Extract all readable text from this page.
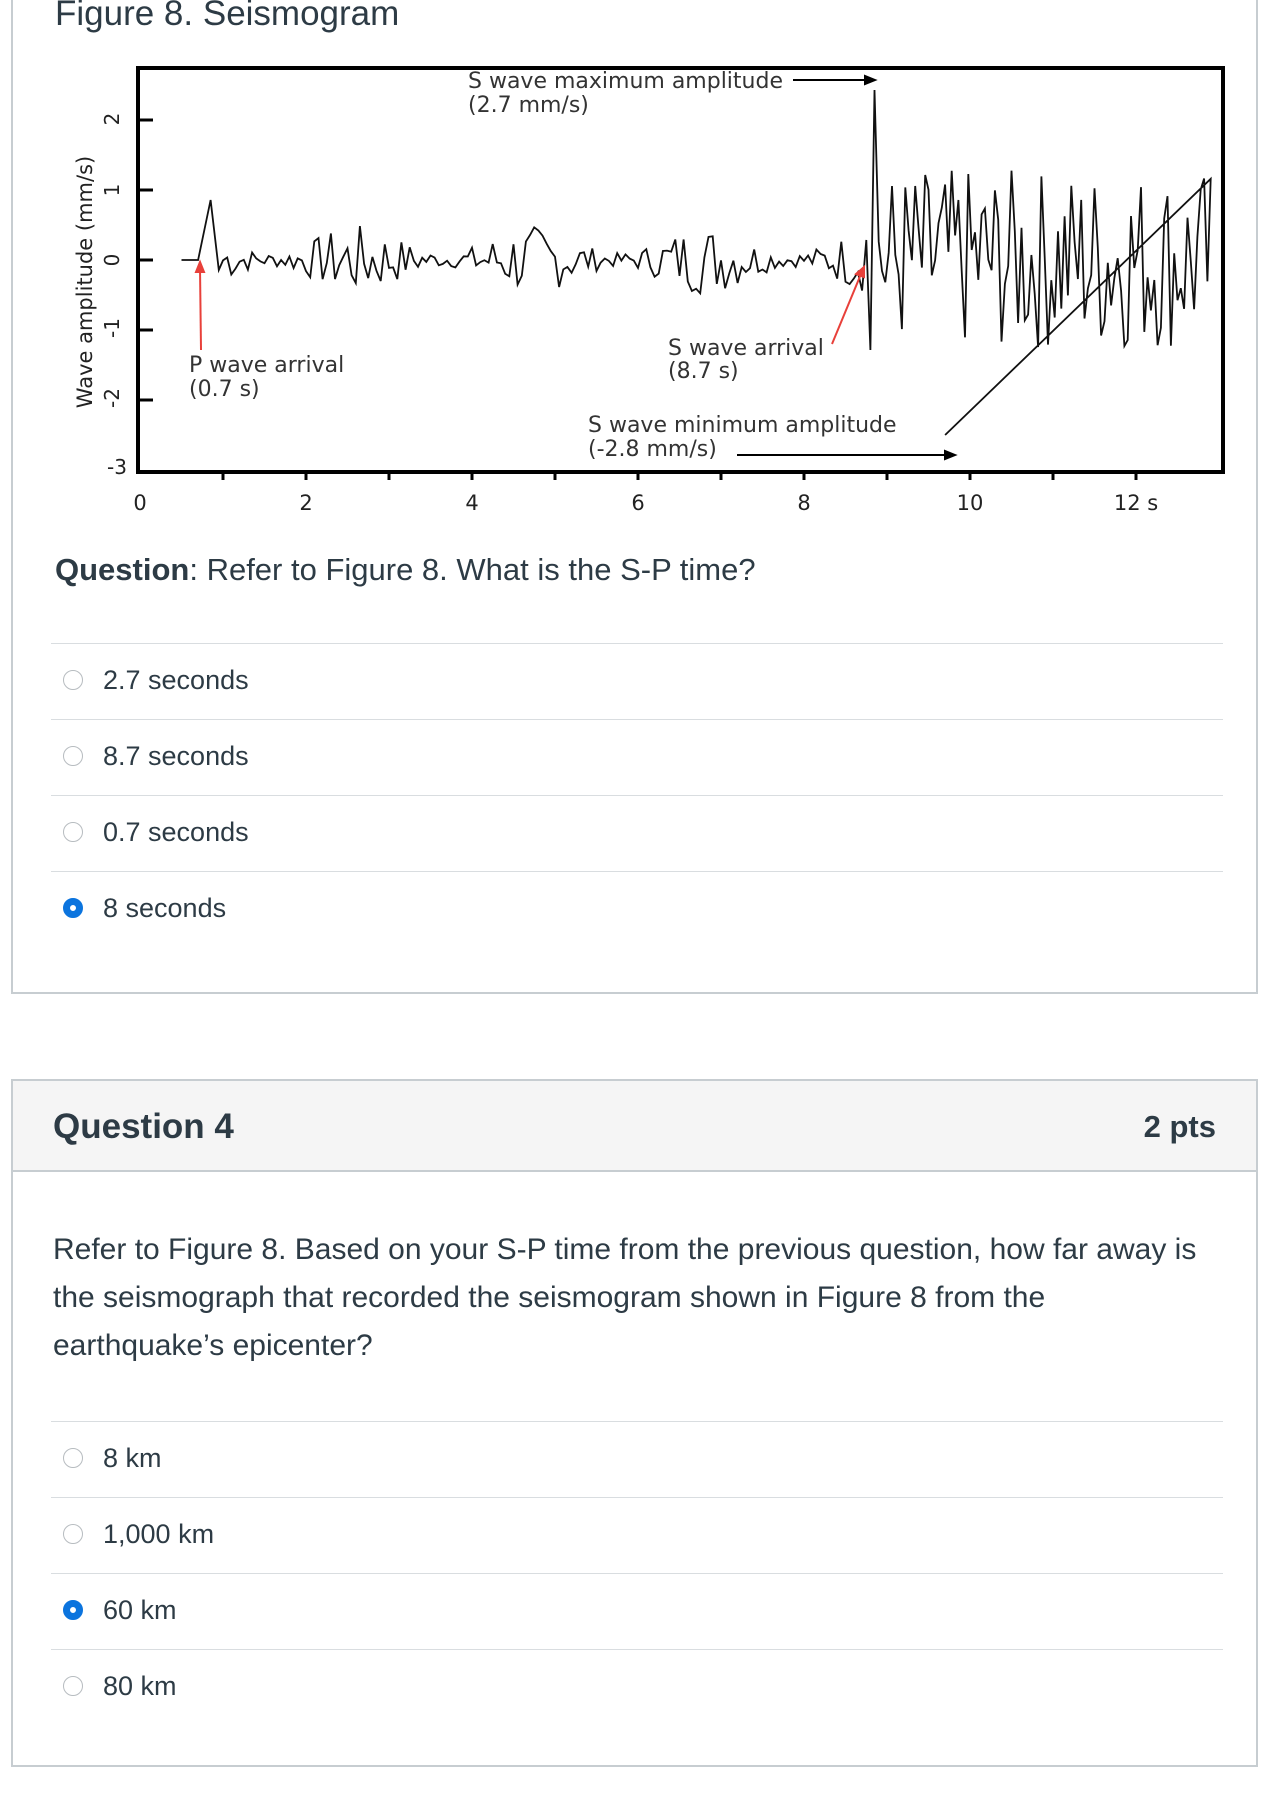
Figure 8. Seismogram
Wave amplitude (mm/s)
2
1
0
-1
-2
-3
0	2	4	6	8	10	12 s
S wave maximum amplitude
(2.7 mm/s)
P wave arrival
(0.7 s)
S wave arrival
(8.7 s)
S wave minimum amplitude
(-2.8 mm/s)
Question: Refer to Figure 8. What is the S-P time?
2.7 seconds
8.7 seconds
0.7 seconds
8 seconds
Question 4	2 pts
Refer to Figure 8. Based on your S-P time from the previous question, how far away is the seismograph that recorded the seismogram shown in Figure 8 from the earthquake’s epicenter?
8 km
1,000 km
60 km
80 km
